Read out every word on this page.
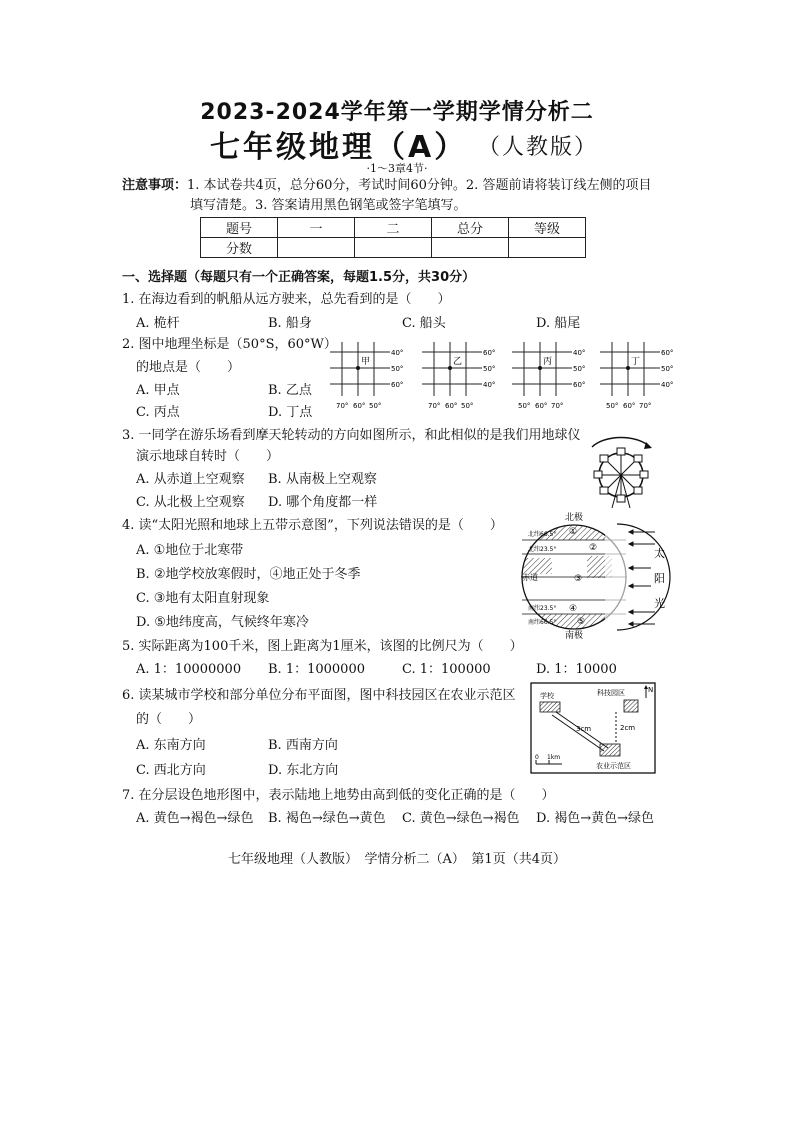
2023-2024学年第一学期学情分析二
七年级地理（A） （人教版）
·1～3章4节·
注意事项：1. 本试卷共4页，总分60分，考试时间60分钟。2. 答题前请将装订线左侧的项目
填写清楚。3. 答案请用黑色钢笔或签字笔填写。
题号	一	二	总分	等级
分数				
一、选择题（每题只有一个正确答案，每题1.5分，共30分）
1. 在海边看到的帆船从远方驶来，总先看到的是（　　）
A. 桅杆	B. 船身	C. 船头	D. 船尾
2. 图中地理坐标是（50°S，60°W）
的地点是（　　）
A. 甲点	B. 乙点
C. 丙点	D. 丁点
甲
40°
50°
60°
70° 60° 50°
乙
60°
50°
40°
70° 60° 50°
丙
40°
50°
60°
50° 60° 70°
丁
60°
50°
40°
50° 60° 70°
3. 一同学在游乐场看到摩天轮转动的方向如图所示，和此相似的是我们用地球仪
演示地球自转时（　　）
A. 从赤道上空观察 B. 从南极上空观察
C. 从北极上空观察 D. 哪个角度都一样
4. 读“太阳光照和地球上五带示意图”，下列说法错误的是（　　）
A. ①地位于北寒带
B. ②地学校放寒假时，④地正处于冬季
C. ③地有太阳直射现象
D. ⑤地纬度高，气候终年寒冷
北极
南极
赤道
北纬66.5°
北纬23.5°
南纬23.5°
南纬66.5°
①
②
③
④
⑤
太
阳
光
5. 实际距离为100千米，图上距离为1厘米，该图的比例尺为（　　）
A. 1：10000000 B. 1：1000000	C. 1：100000	D. 1：10000
6. 读某城市学校和部分单位分布平面图，图中科技园区在农业示范区
的（　　）
A. 东南方向	B. 西南方向
C. 西北方向	D. 东北方向
学校	科技园区
农业示范区
3cm	2cm
0 1km
N
7. 在分层设色地形图中，表示陆地上地势由高到低的变化正确的是（　　）
A. 黄色→褐色→绿色 B. 褐色→绿色→黄色 C. 黄色→绿色→褐色 D. 褐色→黄色→绿色
七年级地理（人教版）　学情分析二（A）　第1页（共4页）
